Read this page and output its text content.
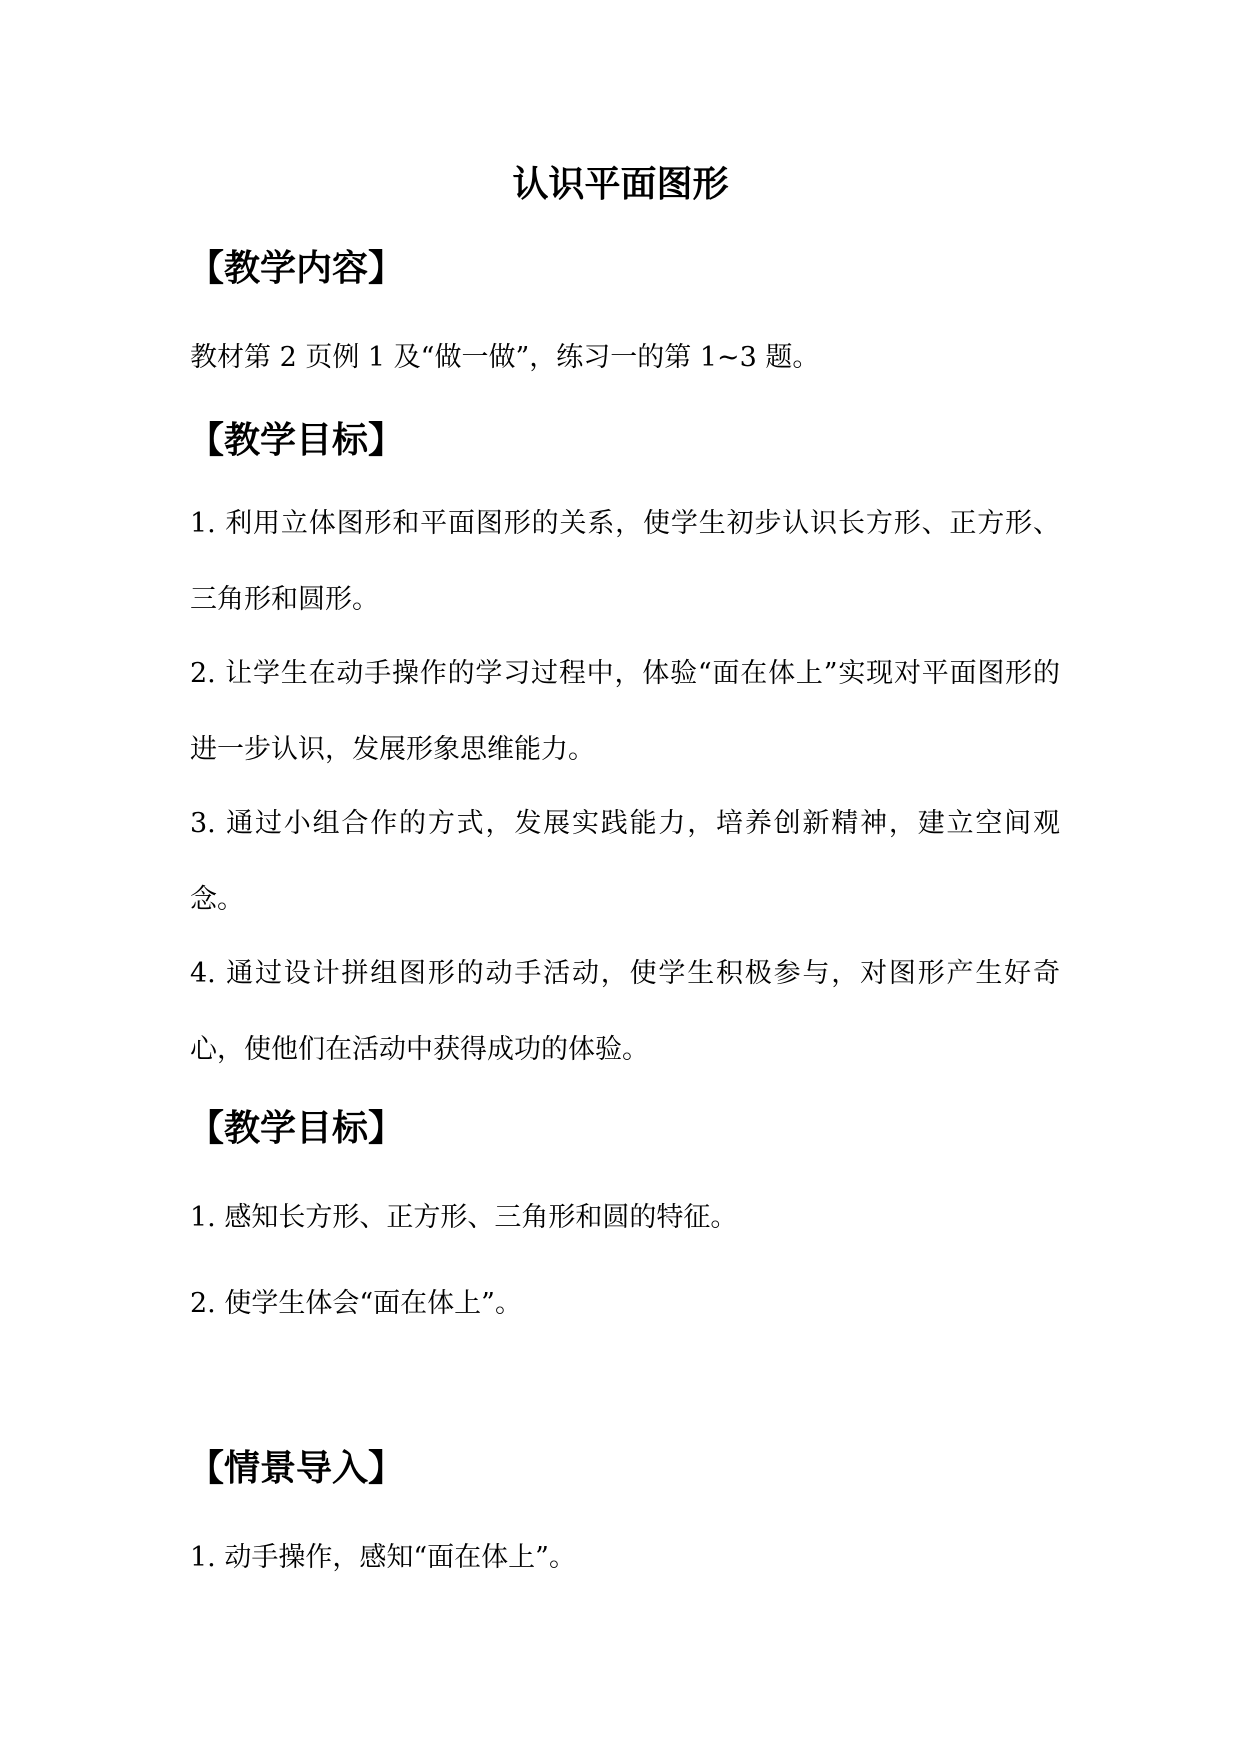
认识平面图形
【教学内容】
教材第 2 页例 1 及“做一做”，练习一的第 1~3 题。
【教学目标】
1. 利用立体图形和平面图形的关系，使学生初步认识长方形、正方形、三角形和圆形。
2. 让学生在动手操作的学习过程中，体验“面在体上”实现对平面图形的进一步认识，发展形象思维能力。
3. 通过小组合作的方式，发展实践能力，培养创新精神，建立空间观念。
4. 通过设计拼组图形的动手活动，使学生积极参与，对图形产生好奇心，使他们在活动中获得成功的体验。
【教学目标】
1. 感知长方形、正方形、三角形和圆的特征。
2. 使学生体会“面在体上”。
【情景导入】
1. 动手操作，感知“面在体上”。
